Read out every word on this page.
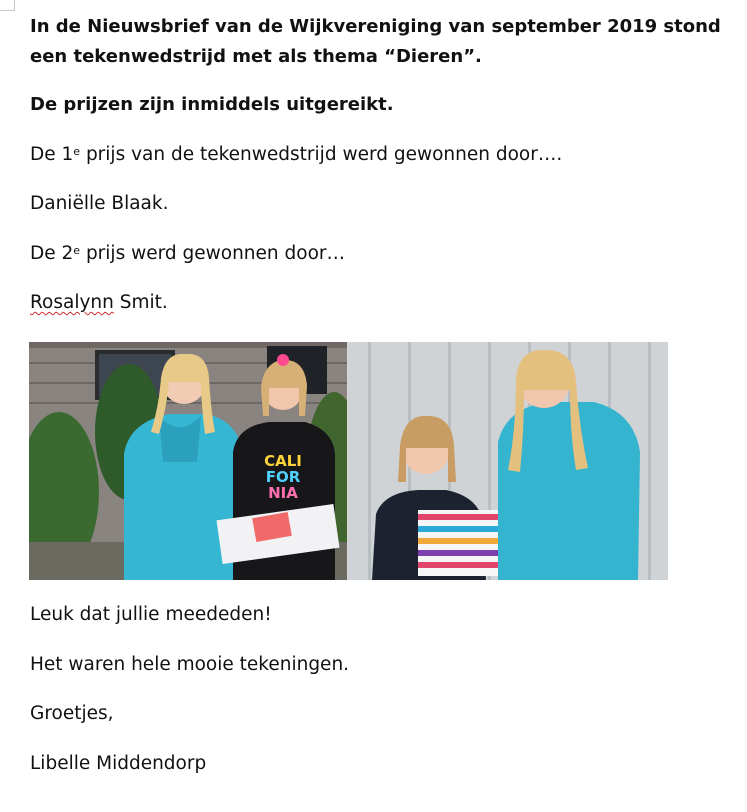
In de Nieuwsbrief van de Wijkvereniging van september 2019 stond een tekenwedstrijd met als thema “Dieren”.

De prijzen zijn inmiddels uitgereikt.

De 1e prijs van de tekenwedstrijd werd gewonnen door….

Daniëlle Blaak.

De 2e prijs werd gewonnen door…

Rosalynn Smit.

CALI FOR NIA

Leuk dat jullie meededen!

Het waren hele mooie tekeningen.

Groetjes,

Libelle Middendorp
